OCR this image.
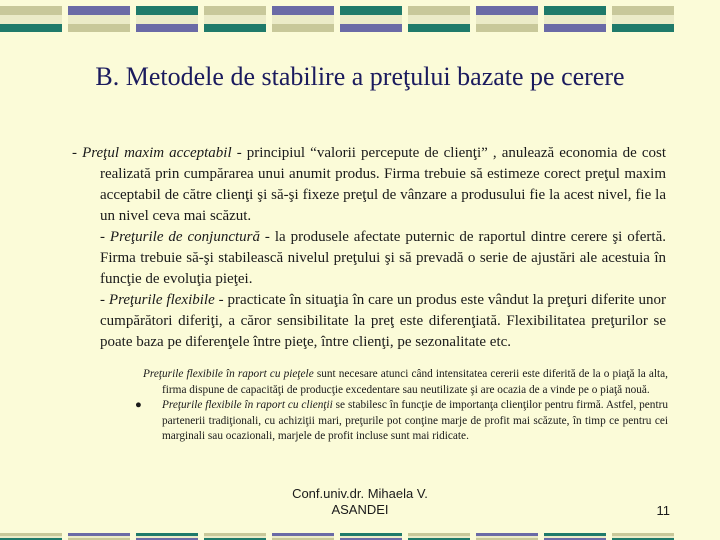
B. Metodele de stabilire a preţului bazate pe cerere

- Preţul maxim acceptabil - principiul “valorii percepute de clienţi” , anulează economia de cost realizată prin cumpărarea unui anumit produs. Firma trebuie să estimeze corect preţul maxim acceptabil de către clienţi şi să-şi fixeze preţul de vânzare a produsului fie la acest nivel, fie la un nivel ceva mai scăzut.

- Preţurile de conjunctură - la produsele afectate puternic de raportul dintre cerere şi ofertă. Firma trebuie să-şi stabilească nivelul preţului şi să prevadă o serie de ajustări ale acestuia în funcţie de evoluţia pieţei.

- Preţurile flexibile - practicate în situaţia în care un produs este vândut la preţuri diferite unor cumpărători diferiţi, a căror sensibilitate la preţ este diferenţiată. Flexibilitatea preţurilor se poate baza pe diferenţele între pieţe, între clienţi, pe sezonalitate etc.

Preţurile flexibile în raport cu pieţele sunt necesare atunci când intensitatea cererii este diferită de la o piaţă la alta, firma dispune de capacităţi de producţie excedentare sau neutilizate şi are ocazia de a vinde pe o piaţă nouă.

● Preţurile flexibile în raport cu clienţii se stabilesc în funcţie de importanţa clienţilor pentru firmă. Astfel, pentru partenerii tradiţionali, cu achiziţii mari, preţurile pot conţine marje de profit mai scăzute, în timp ce pentru cei marginali sau ocazionali, marjele de profit incluse sunt mai ridicate.

Conf.univ.dr. Mihaela V.
ASANDEI	11
